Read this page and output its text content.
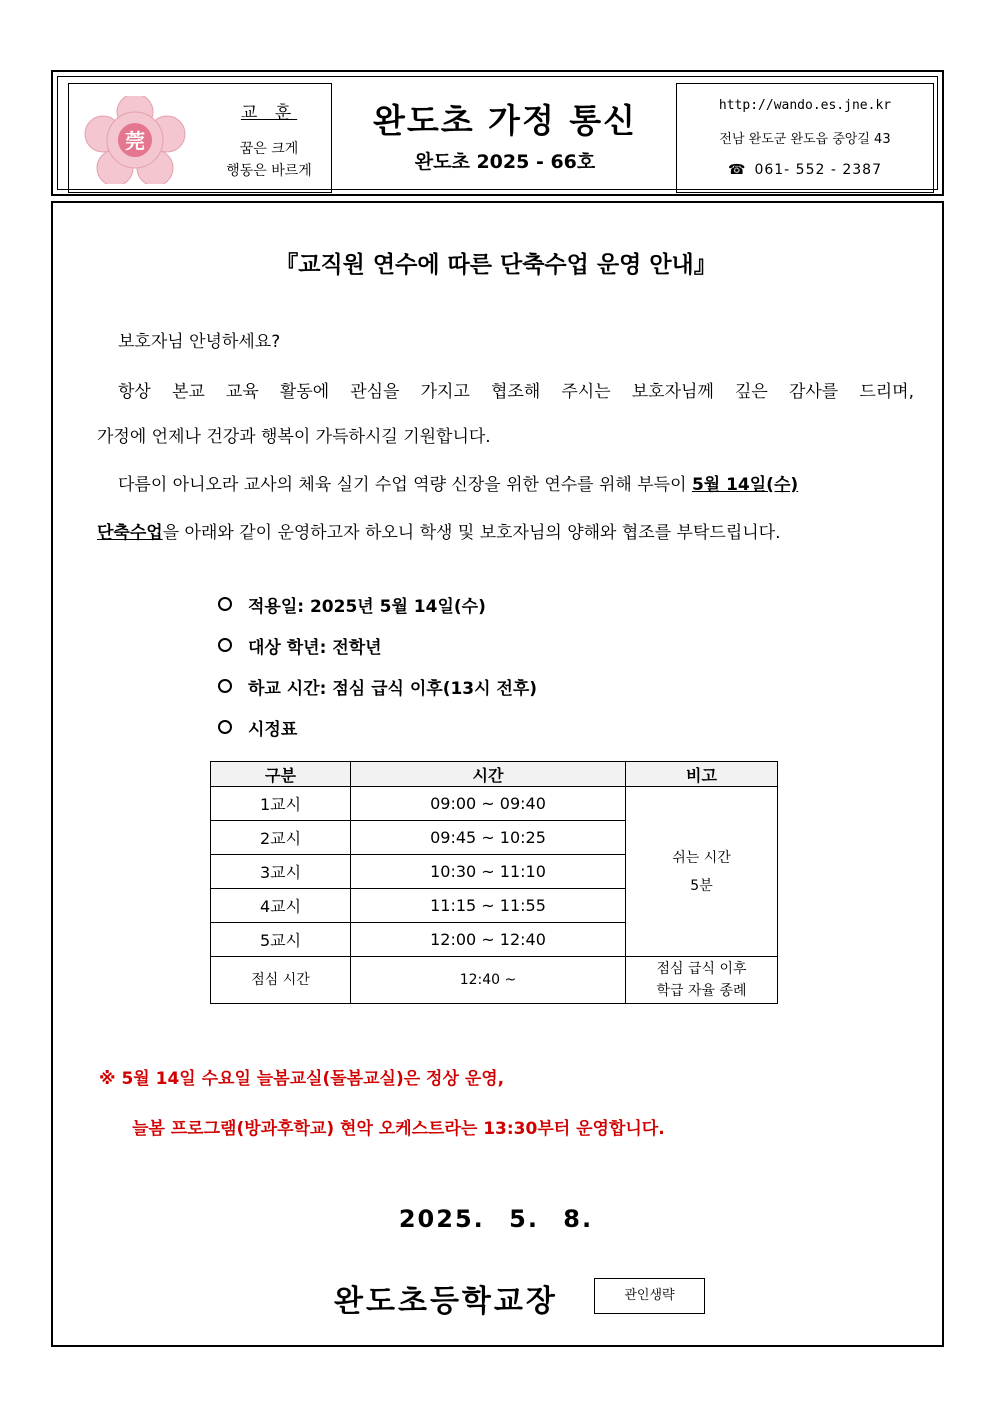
莞
교 훈
꿈은 크게
행동은 바르게
완도초 가정 통신
완도초 2025 - 66호
http://wando.es.jne.kr
전남 완도군 완도읍 중앙길 43
☎ 061- 552 - 2387
『교직원 연수에 따른 단축수업 운영 안내』
보호자님 안녕하세요?
항상 본교 교육 활동에 관심을 가지고 협조해 주시는 보호자님께 깊은 감사를 드리며,
가정에 언제나 건강과 행복이 가득하시길 기원합니다.
다름이 아니오라 교사의 체육 실기 수업 역량 신장을 위한 연수를 위해 부득이 5월 14일(수)
단축수업을 아래와 같이 운영하고자 하오니 학생 및 보호자님의 양해와 협조를 부탁드립니다.
적용일: 2025년 5월 14일(수)
대상 학년: 전학년
하교 시간: 점심 급식 이후(13시 전후)
시정표
구분	시간	비고
1교시	09:00 ~ 09:40	쉬는 시간
5분

2교시	09:45 ~ 10:25	
3교시	10:30 ~ 11:10	
4교시	11:15 ~ 11:55	
5교시	12:00 ~ 12:40	
점심 시간	12:40 ~	점심 급식 이후
학급 자율 종례
※ 5월 14일 수요일 늘봄교실(돌봄교실)은 정상 운영,
늘봄 프로그램(방과후학교) 현악 오케스트라는 13:30부터 운영합니다.
2025. 5. 8.
완도초등학교장	관인생략
